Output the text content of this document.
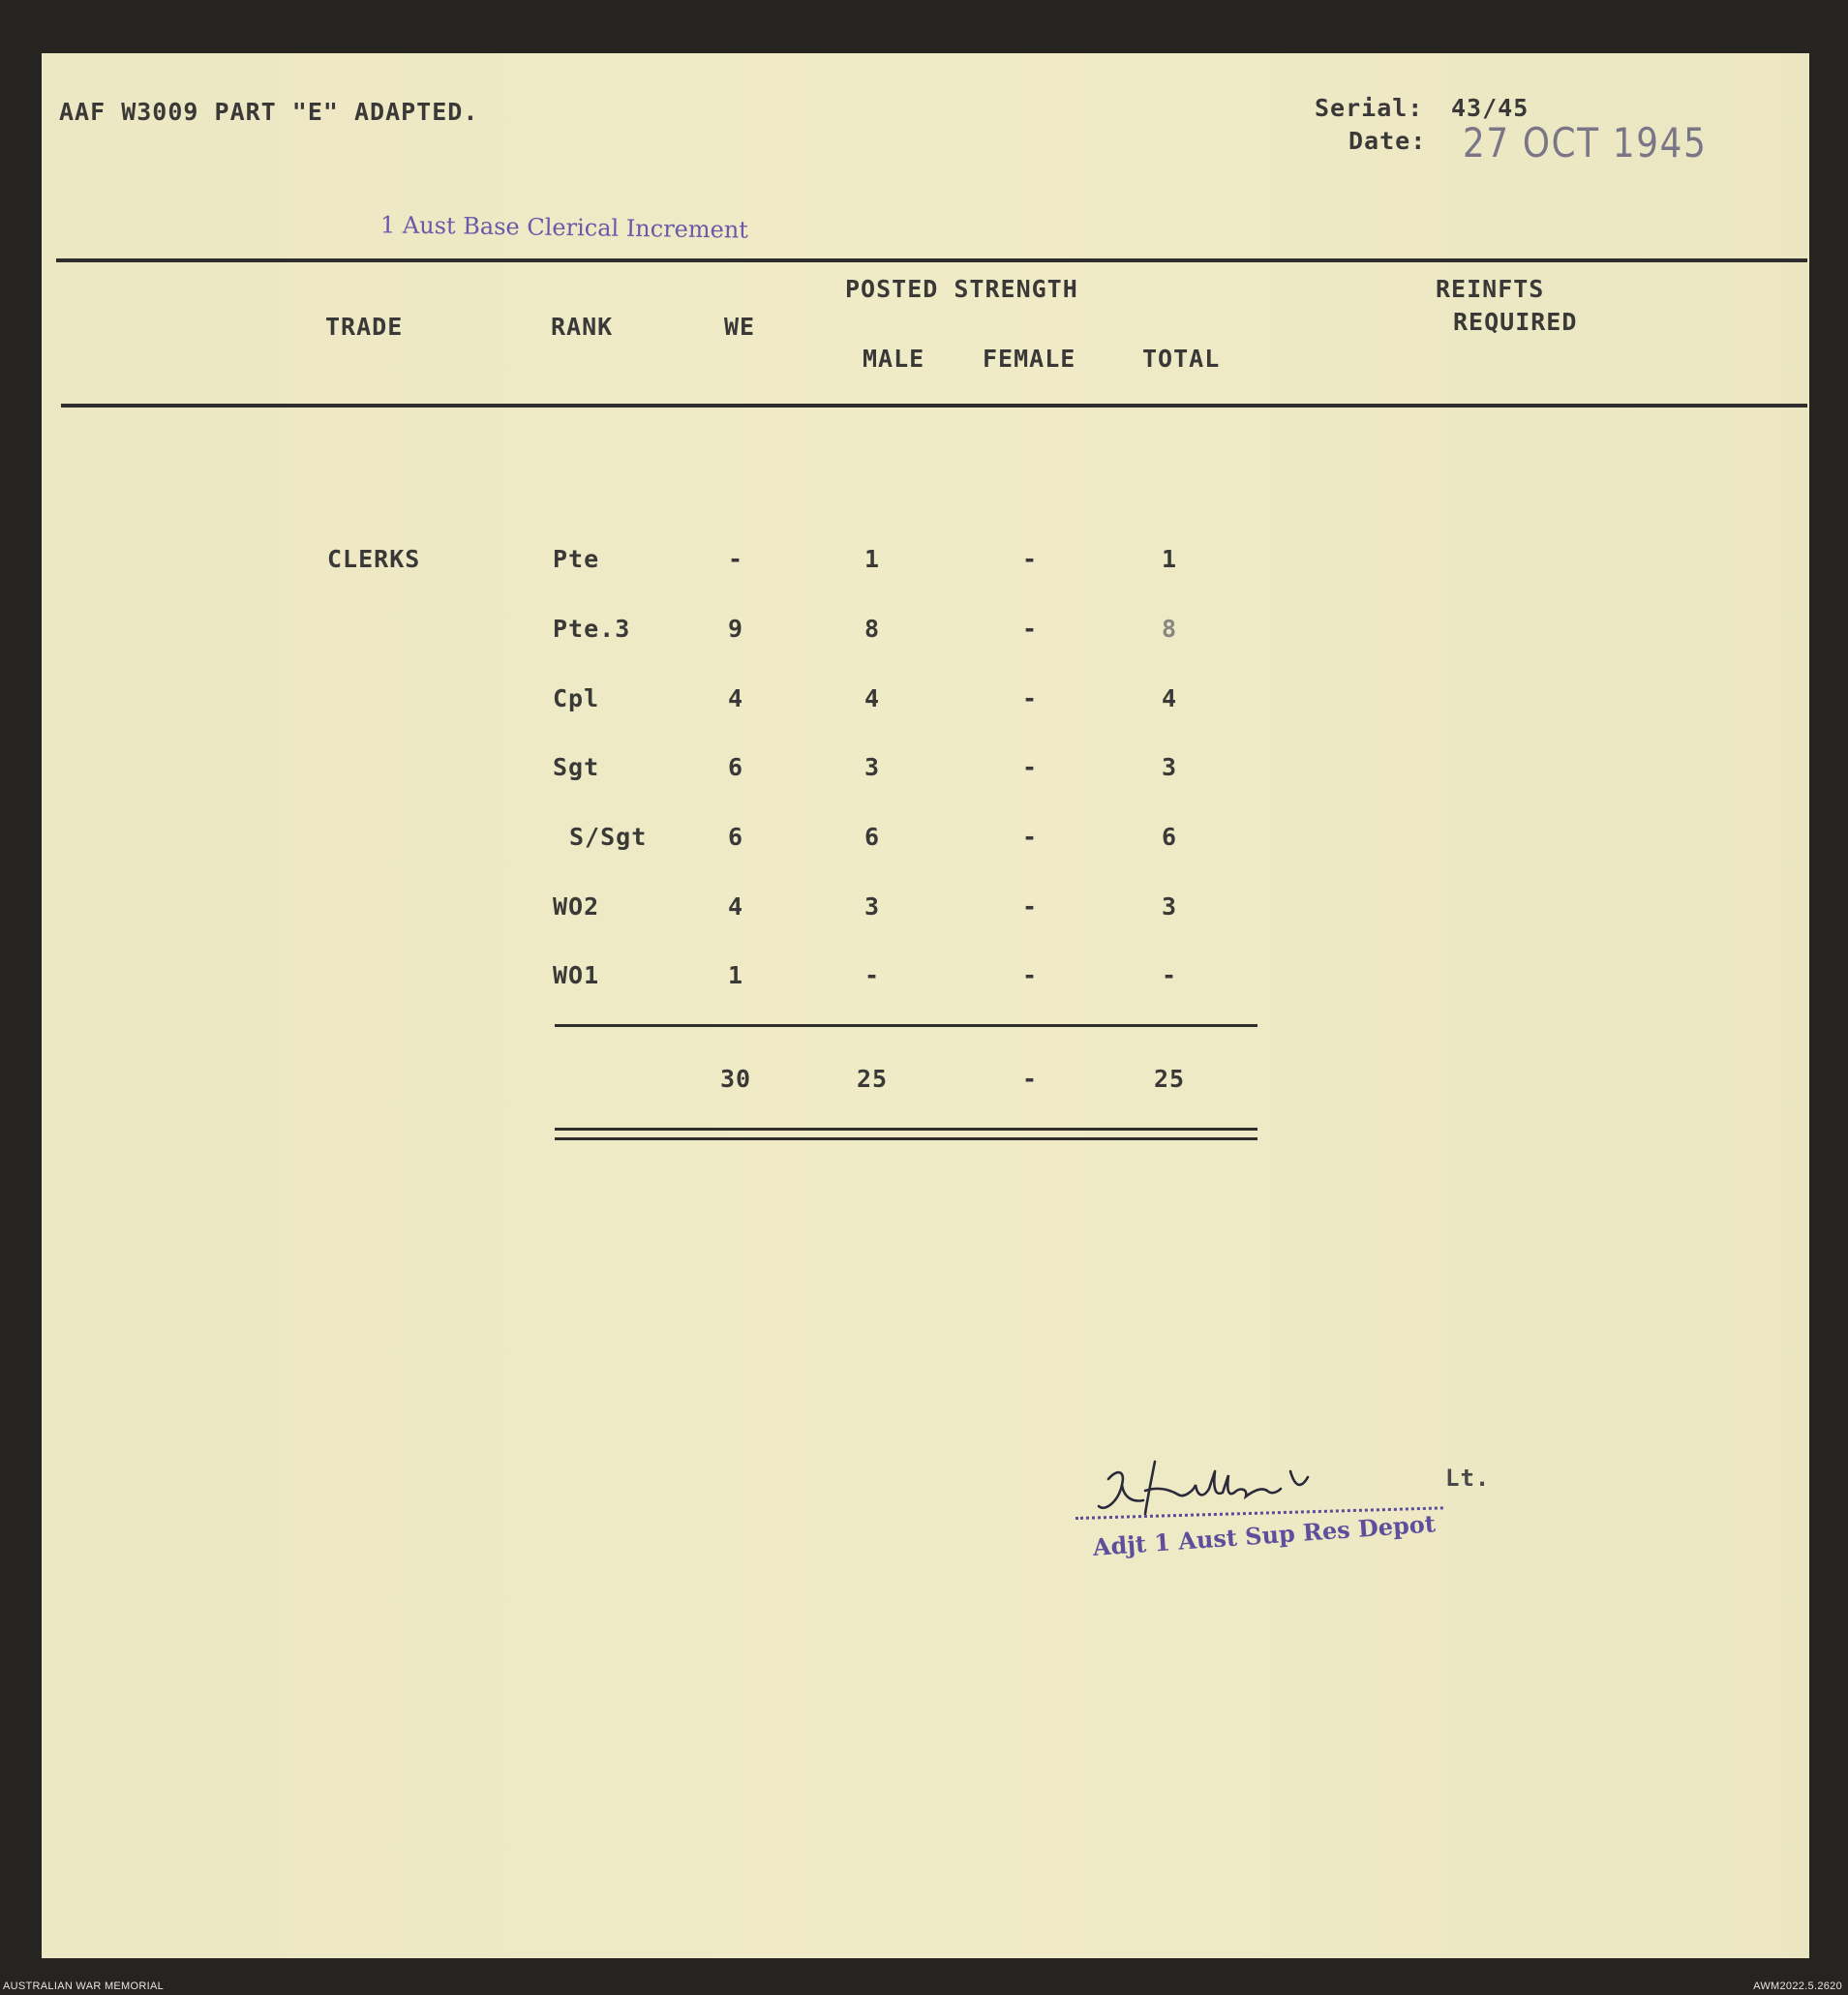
AAF W3009 PART "E" ADAPTED.	Serial: 43/45
Date: 27 OCT 1945
1 Aust Base Clerical Increment
TRADE	RANK	WE
POSTED STRENGTH
MALE FEMALE	TOTAL
REINFTS
REQUIRED
CLERKS	Pte	-	1	-	1
Pte.3	9	8	-	8
Cpl	4	4	-	4
Sgt	6	3	-	3
S/Sgt	6	6	-	6
WO2	4	3	-	3
WO1	1	-	-	-
30	25	-	25
Lt.
Adjt 1 Aust Sup Res Depot
AUSTRALIAN WAR MEMORIAL	AWM2022.5.2620
